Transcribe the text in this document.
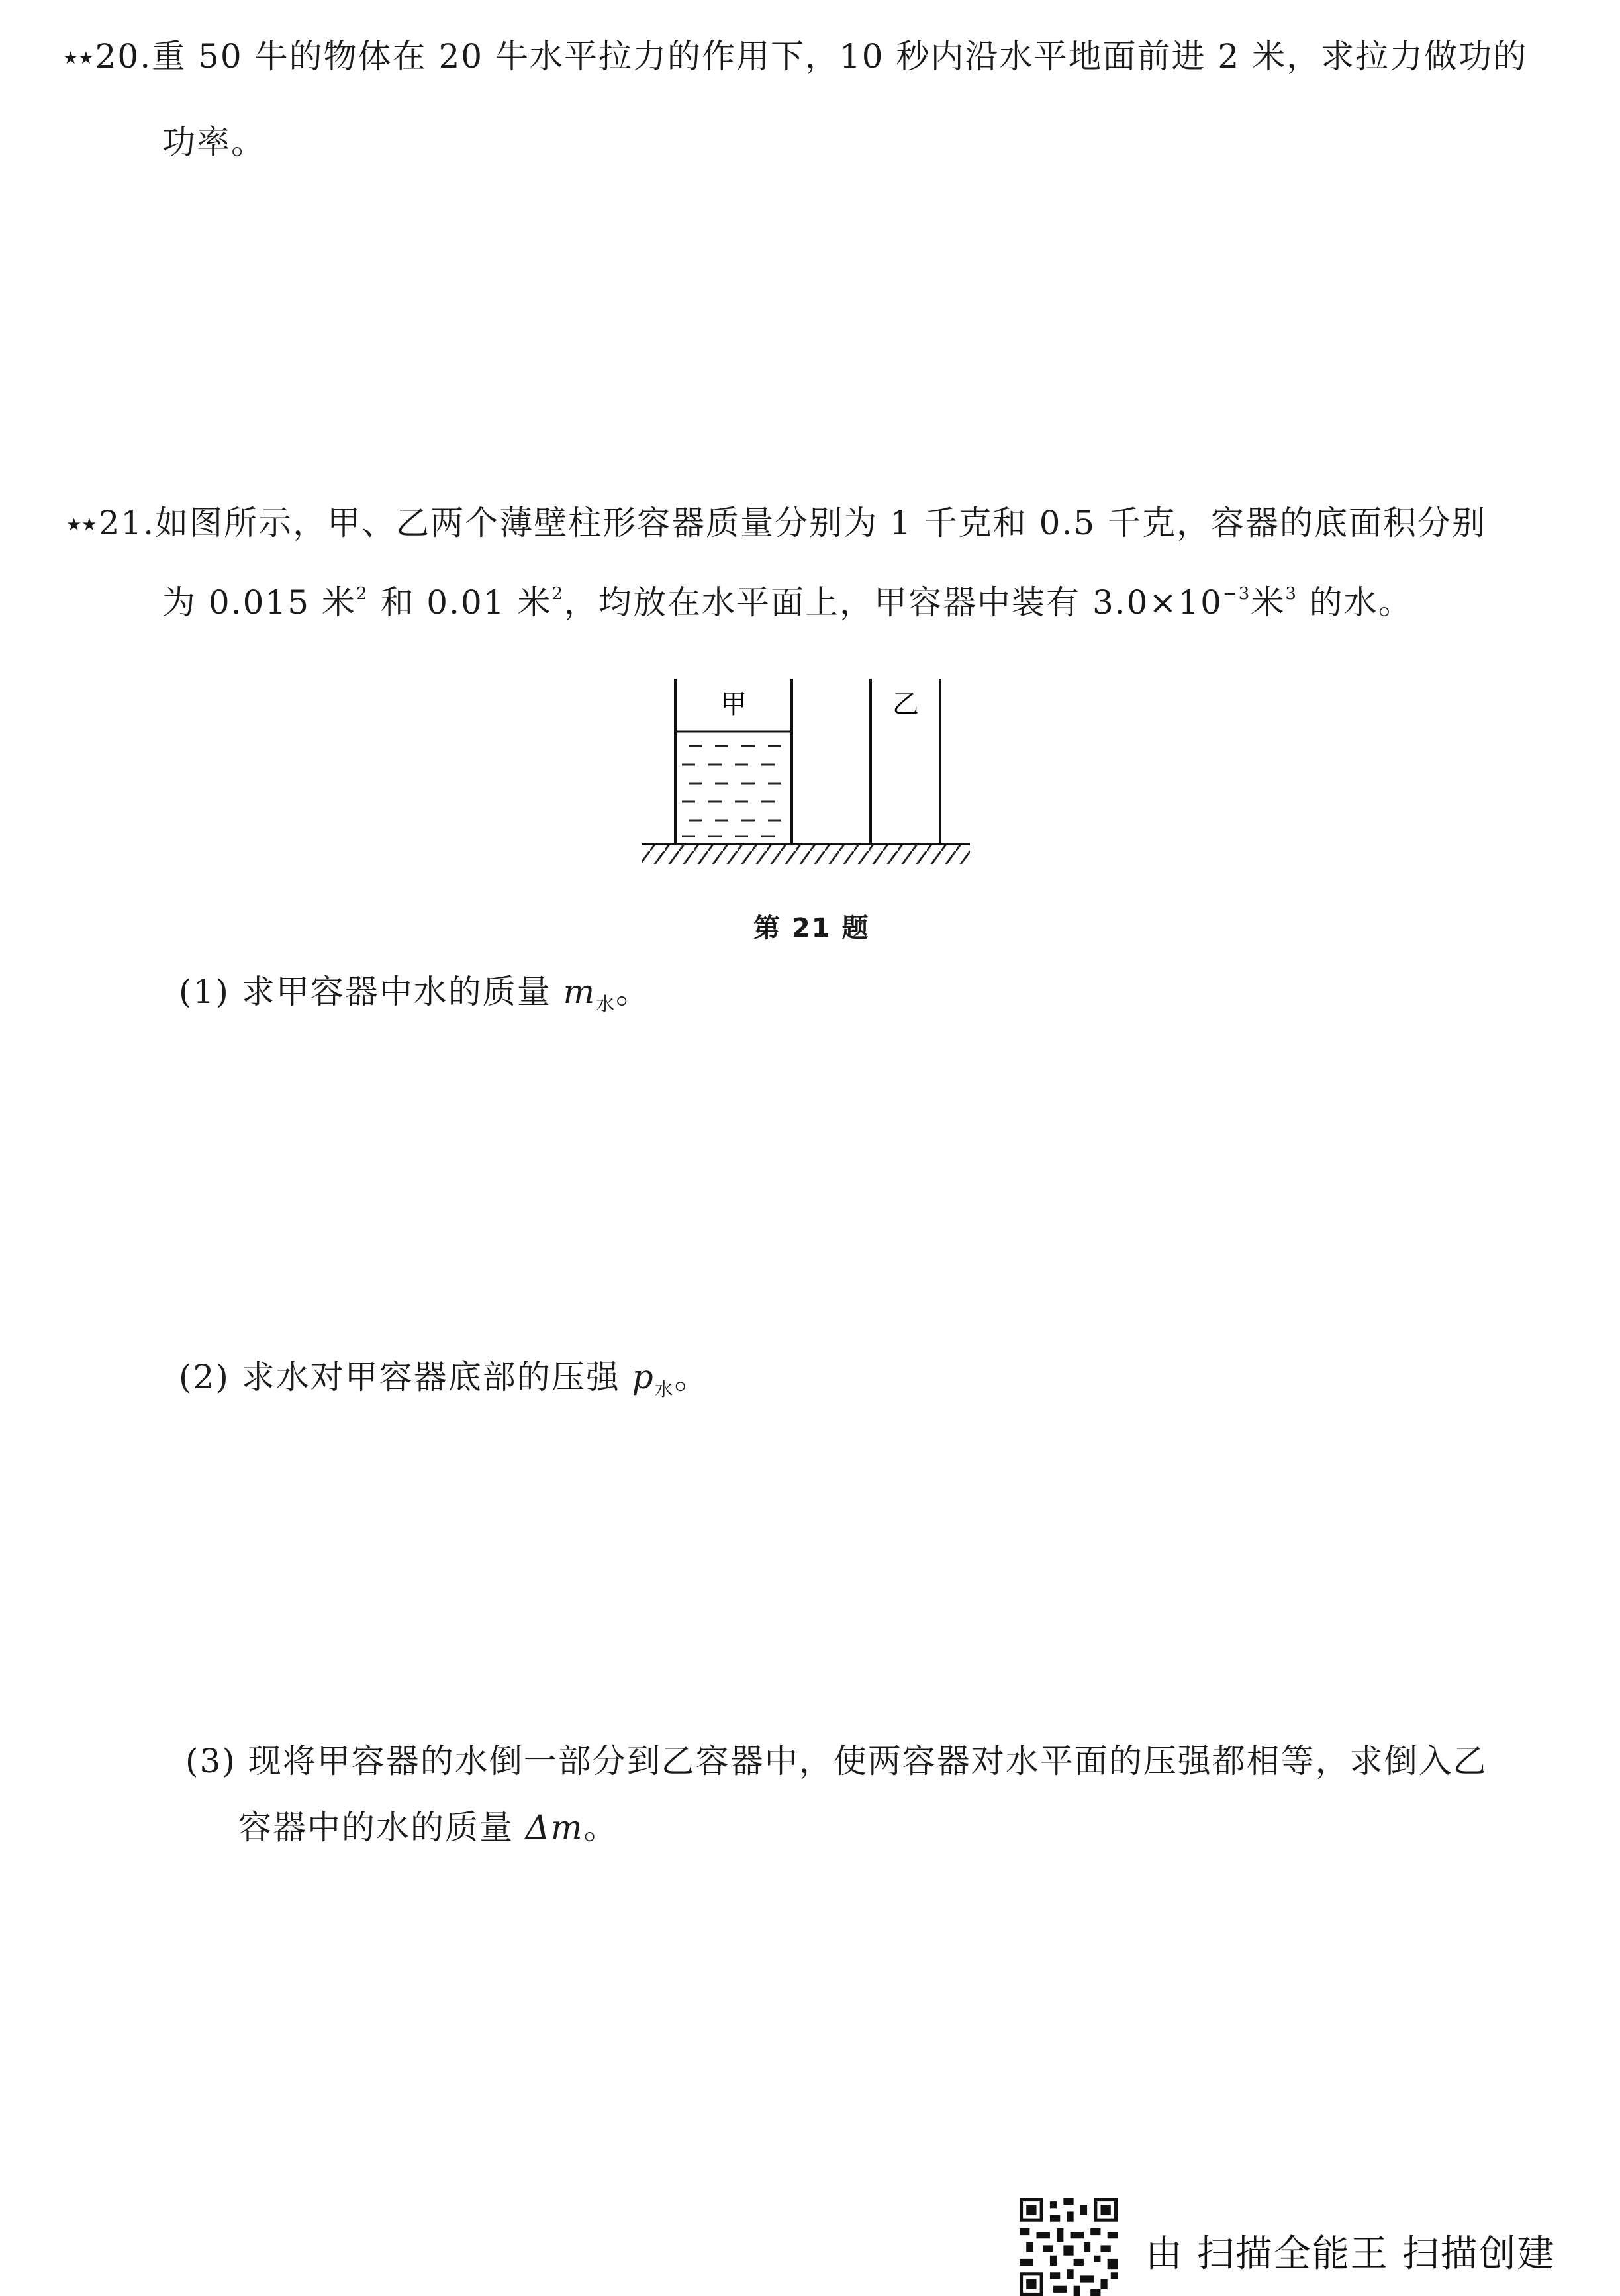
★★20.重 50 牛的物体在 20 牛水平拉力的作用下，10 秒内沿水平地面前进 2 米，求拉力做功的
功率。
★★21.如图所示，甲、乙两个薄壁柱形容器质量分别为 1 千克和 0.5 千克，容器的底面积分别
为 0.015 米$^2$ 和 0.01 米$^2$，均放在水平面上，甲容器中装有 $3.0\times 10^{-3}$米$^3$ 的水。
甲	乙
第 21 题
(1) 求甲容器中水的质量 $m_水$。
(2) 求水对甲容器底部的压强 $p_水$。
(3) 现将甲容器的水倒一部分到乙容器中，使两容器对水平面的压强都相等，求倒入乙
容器中的水的质量 Δm。
由 扫描全能王 扫描创建
